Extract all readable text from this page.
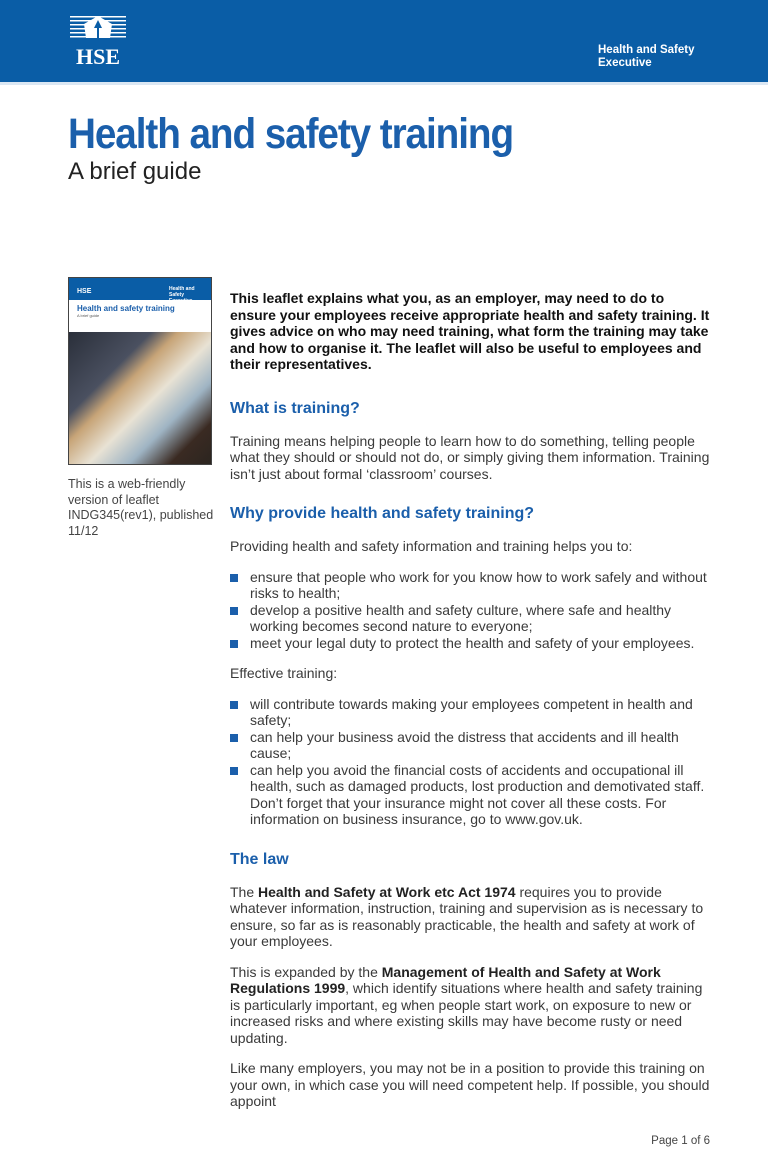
HSE	Health and Safety Executive
Health and safety training
A brief guide
HSE	Health and Safety Executive
Health and safety training
A brief guide
This is a web-friendly version of leaflet INDG345(rev1), published 11/12

This leaflet explains what you, as an employer, may need to do to ensure your employees receive appropriate health and safety training. It gives advice on who may need training, what form the training may take and how to organise it. The leaflet will also be useful to employees and their representatives.

What is training?

Training means helping people to learn how to do something, telling people what they should or should not do, or simply giving them information. Training isn’t just about formal ‘classroom’ courses.

Why provide health and safety training?

Providing health and safety information and training helps you to:

ensure that people who work for you know how to work safely and without risks to health;
develop a positive health and safety culture, where safe and healthy working becomes second nature to everyone;
meet your legal duty to protect the health and safety of your employees.

Effective training:

will contribute towards making your employees competent in health and safety;
can help your business avoid the distress that accidents and ill health cause;
can help you avoid the financial costs of accidents and occupational ill health, such as damaged products, lost production and demotivated staff. Don’t forget that your insurance might not cover all these costs. For information on business insurance, go to www.gov.uk.
The law

The Health and Safety at Work etc Act 1974 requires you to provide whatever information, instruction, training and supervision as is necessary to ensure, so far as is reasonably practicable, the health and safety at work of your employees.

This is expanded by the Management of Health and Safety at Work Regulations 1999, which identify situations where health and safety training is particularly important, eg when people start work, on exposure to new or increased risks and where existing skills may have become rusty or need updating.

Like many employers, you may not be in a position to provide this training on your own, in which case you will need competent help. If possible, you should appoint

Page 1 of 6
